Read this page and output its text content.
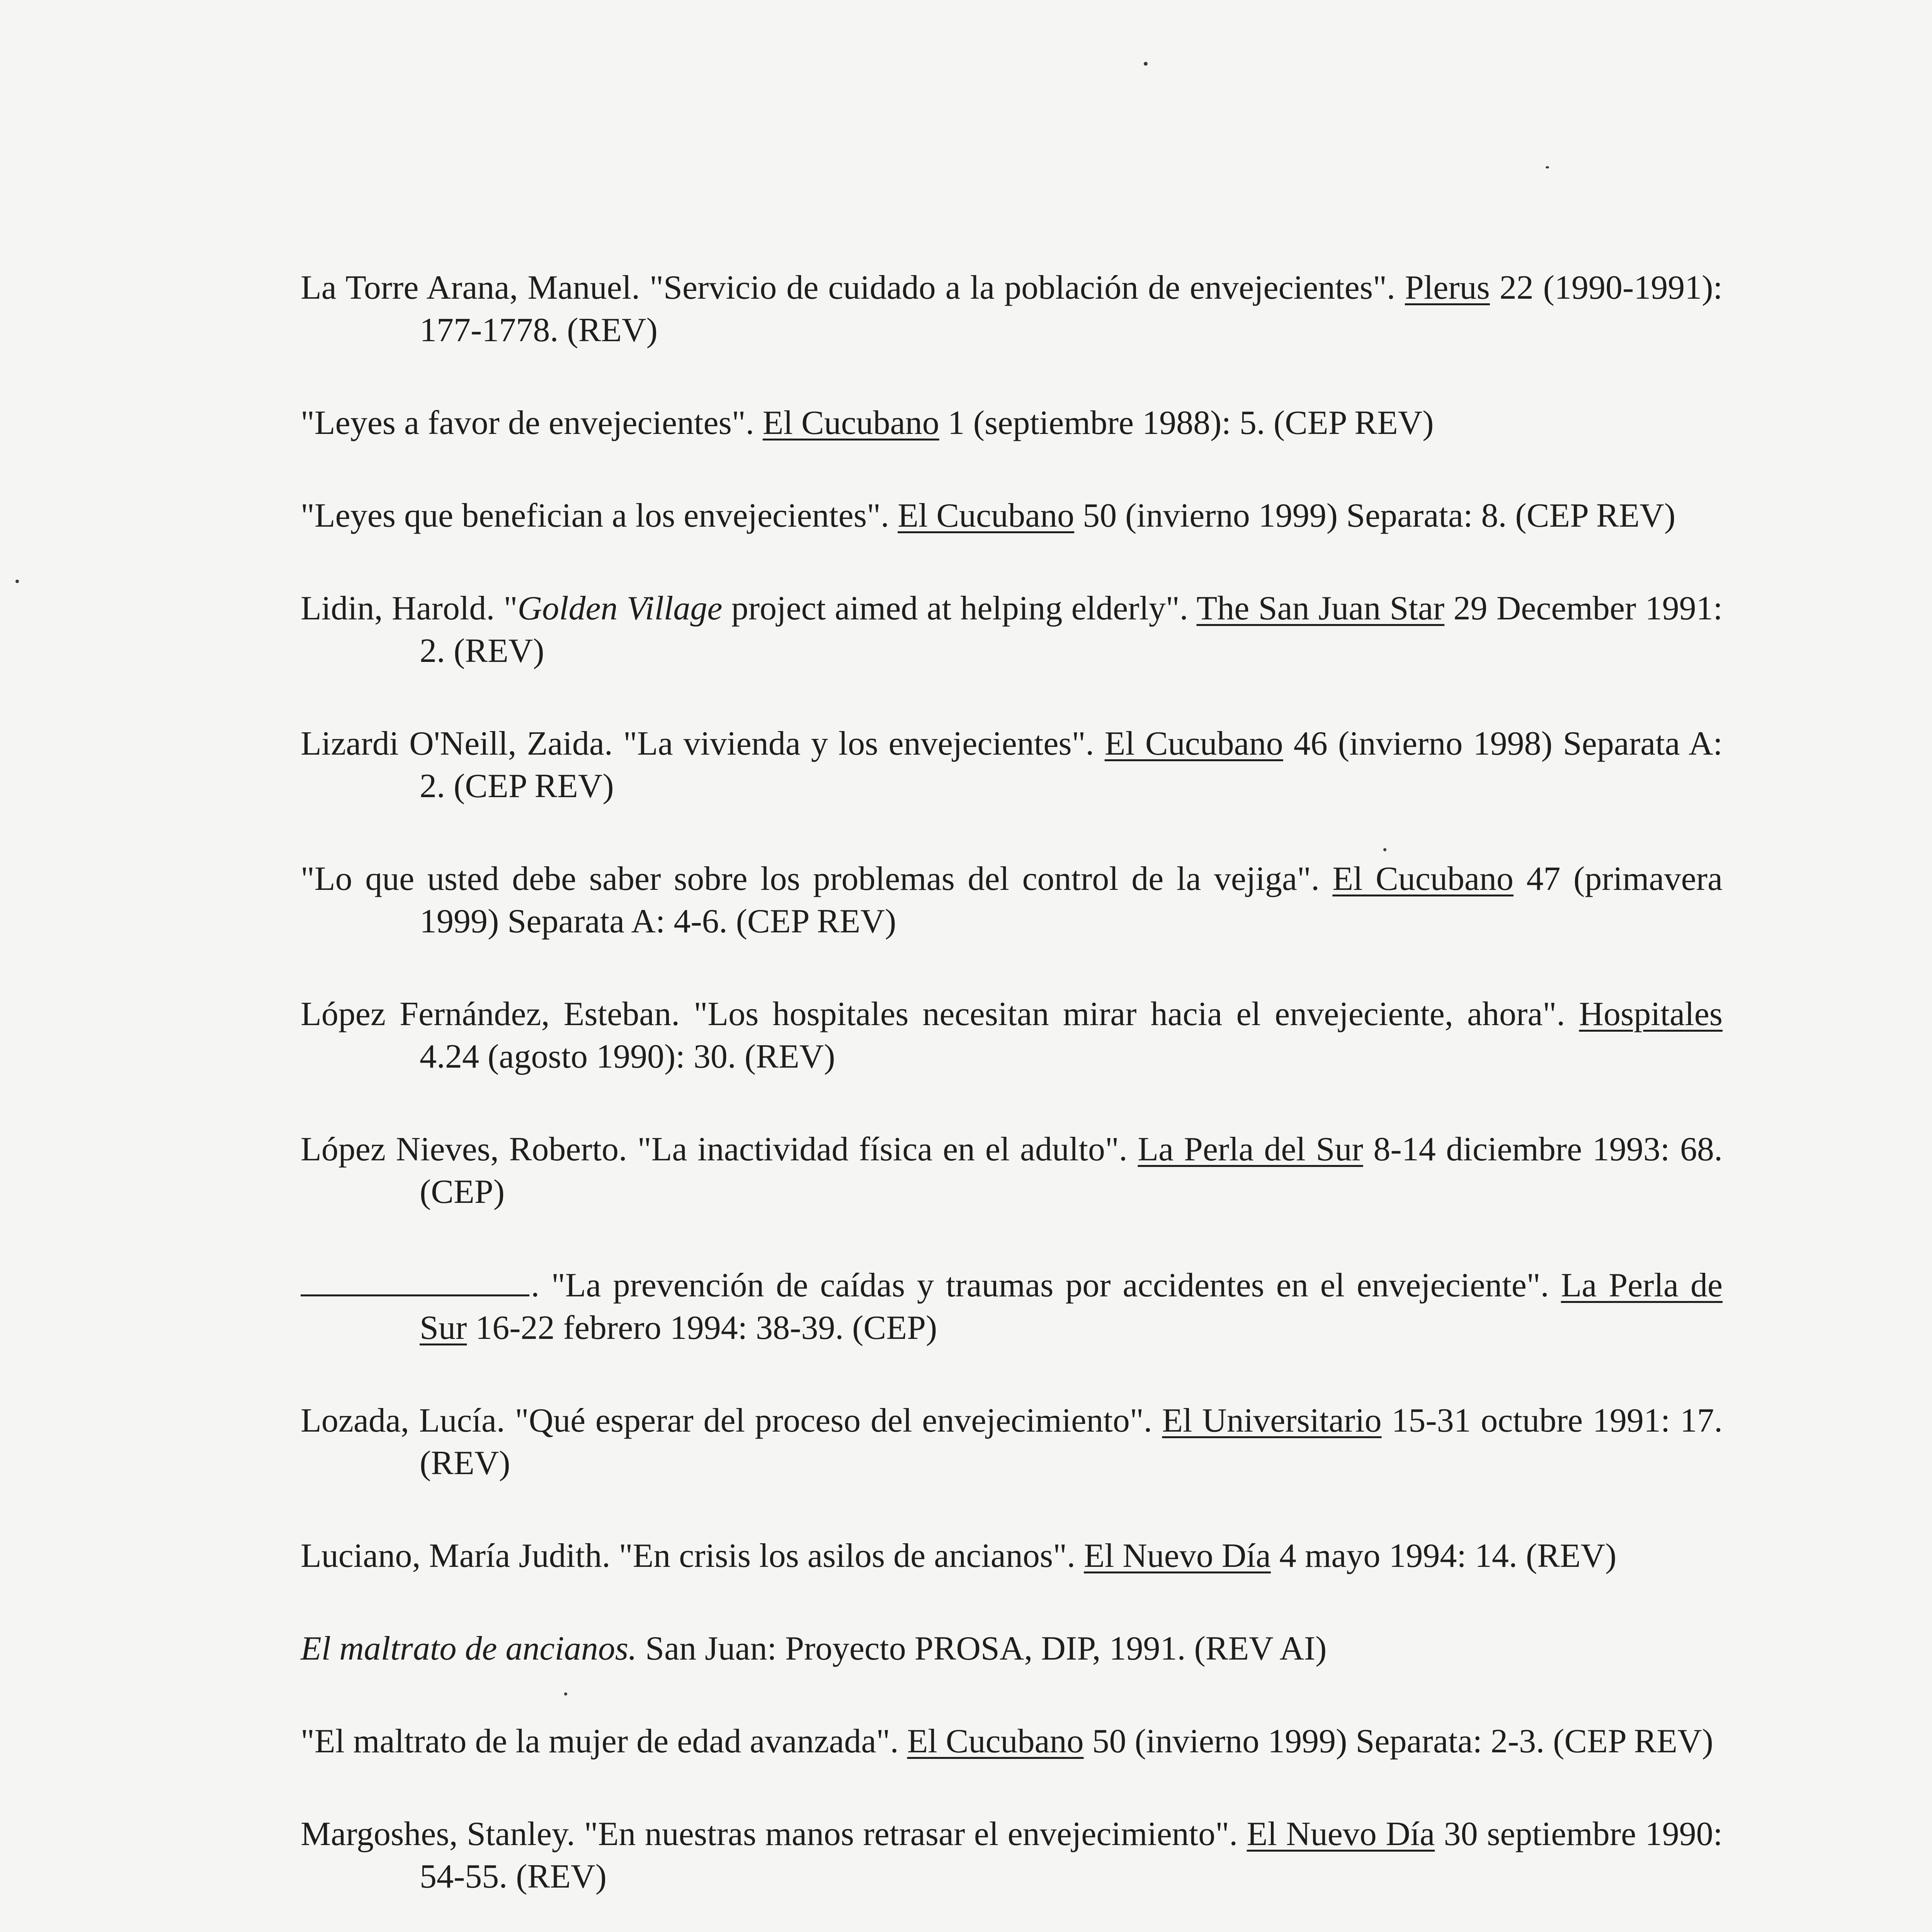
La Torre Arana, Manuel. "Servicio de cuidado a la población de envejecientes". Plerus 22 (1990-1991): 177-1778. (REV)

"Leyes a favor de envejecientes". El Cucubano 1 (septiembre 1988): 5. (CEP REV)

"Leyes que benefician a los envejecientes". El Cucubano 50 (invierno 1999) Separata: 8. (CEP REV)

Lidin, Harold. "Golden Village project aimed at helping elderly". The San Juan Star 29 December 1991: 2. (REV)

Lizardi O'Neill, Zaida. "La vivienda y los envejecientes". El Cucubano 46 (invierno 1998) Separata A: 2. (CEP REV)

"Lo que usted debe saber sobre los problemas del control de la vejiga". El Cucubano 47 (primavera 1999) Separata A: 4-6. (CEP REV)

López Fernández, Esteban. "Los hospitales necesitan mirar hacia el envejeciente, ahora". Hospitales 4.24 (agosto 1990): 30. (REV)

López Nieves, Roberto. "La inactividad física en el adulto". La Perla del Sur 8-14 diciembre 1993: 68. (CEP)

. "La prevención de caídas y traumas por accidentes en el envejeciente". La Perla de Sur 16-22 febrero 1994: 38-39. (CEP)

Lozada, Lucía. "Qué esperar del proceso del envejecimiento". El Universitario 15-31 octubre 1991: 17. (REV)

Luciano, María Judith. "En crisis los asilos de ancianos". El Nuevo Día 4 mayo 1994: 14. (REV)

El maltrato de ancianos. San Juan: Proyecto PROSA, DIP, 1991. (REV AI)

"El maltrato de la mujer de edad avanzada". El Cucubano 50 (invierno 1999) Separata: 2-3. (CEP REV)

Margoshes, Stanley. "En nuestras manos retrasar el envejecimiento". El Nuevo Día 30 septiembre 1990: 54-55. (REV)
